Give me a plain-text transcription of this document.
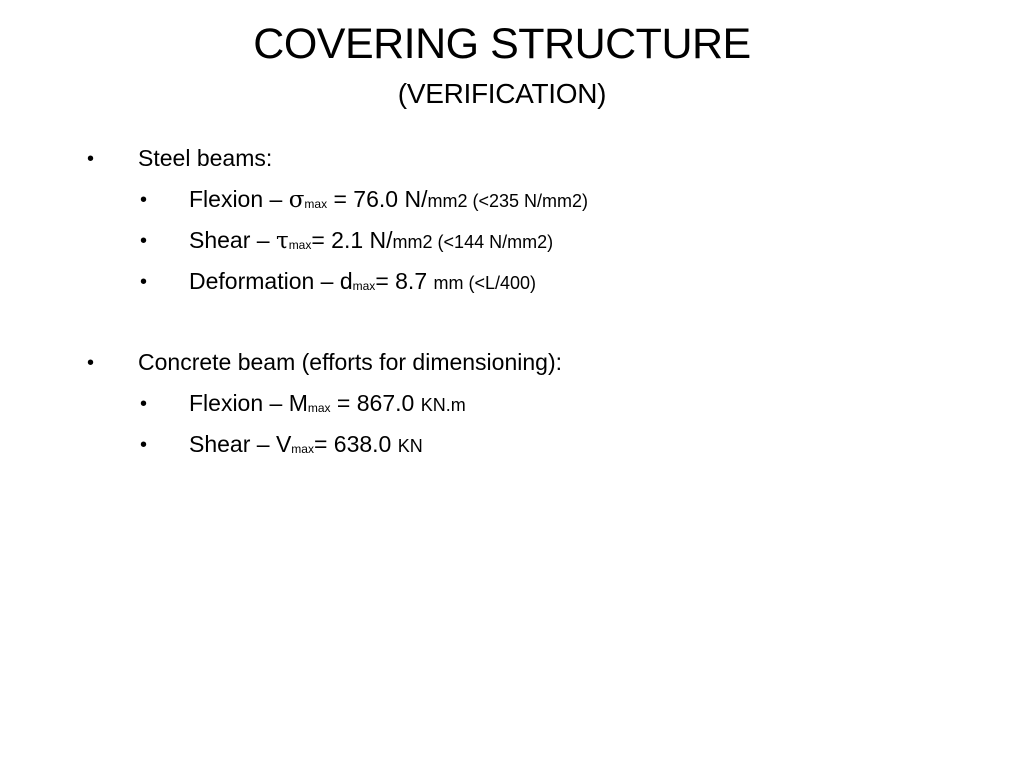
COVERING STRUCTURE
(VERIFICATION)
• Steel beams:
• Flexion – σmax = 76.0 N/mm2 (<235 N/mm2)
• Shear – τmax= 2.1 N/mm2 (<144 N/mm2)
• Deformation – dmax= 8.7 mm (<L/400)
• Concrete beam (efforts for dimensioning):
• Flexion – Mmax = 867.0 KN.m
• Shear – Vmax= 638.0 KN
